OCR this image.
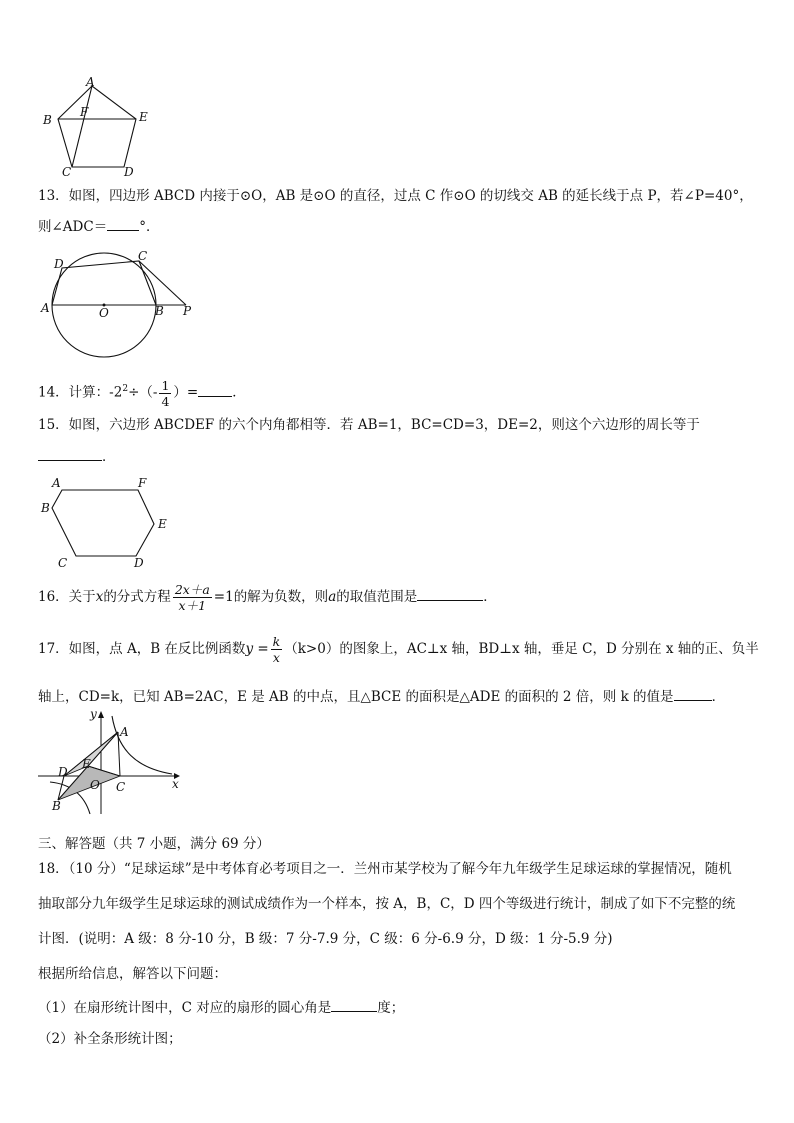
A
B
C	D
E
F
13．如图，四边形 ABCD 内接于⊙O，AB 是⊙O 的直径，过点 C 作⊙O 的切线交 AB 的延长线于点 P，若∠P=40°，
则∠ADC＝ °．
D
C
A	O	B P
14．计算：$-2^2\div(- \frac{1}{4}$ ）=	．
15．如图，六边形 ABCDEF 的六个内角都相等．若 AB=1，BC=CD=3，DE=2，则这个六边形的周长等于
．
A	F
B
E
C	D
16．关于x的分式方程 $\frac{2x+a}{x+1} =1$的解为负数，则a的取值范围是	．
17．如图，点 A，B 在反比例函数$y = \frac{k}{x} (k>0)$的图象上，AC⊥x 轴，BD⊥x 轴，垂足 C，D 分别在 x 轴的正、负半
轴上，CD=k，已知 AB=2AC，E 是 AB 的中点，且△BCE 的面积是△ADE 的面积的 2 倍，则 k 的值是	．
y
A
E
D
O C	x
B
三、解答题（共 7 小题，满分 69 分）
18．（10 分）“足球运球”是中考体育必考项目之一．兰州市某学校为了解今年九年级学生足球运球的掌握情况，随机
抽取部分九年级学生足球运球的测试成绩作为一个样本，按 A，B，C，D 四个等级进行统计，制成了如下不完整的统
计图．(说明：A 级：8 分-10 分，B 级：7 分-7.9 分，C 级：6 分-6.9 分，D 级：1 分-5.9 分)
根据所给信息，解答以下问题：
（1）在扇形统计图中，C 对应的扇形的圆心角是	度；
（2）补全条形统计图；
